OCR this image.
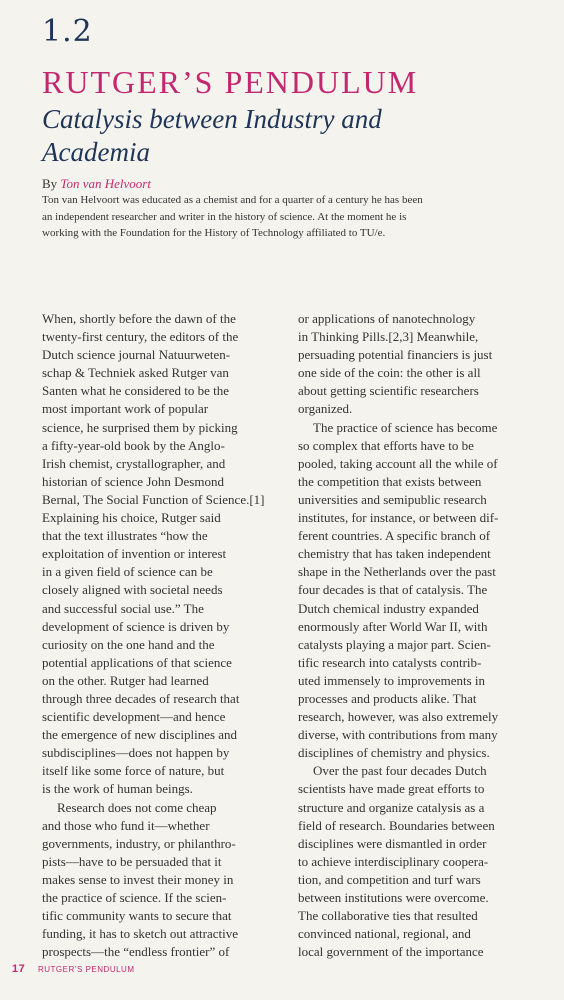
1.2
RUTGER’S PENDULUM
Catalysis between Industry and Academia
By Ton van Helvoort
Ton van Helvoort was educated as a chemist and for a quarter of a century he has been an independent researcher and writer in the history of science. At the moment he is working with the Foundation for the History of Technology affiliated to TU/e.
When, shortly before the dawn of the
twenty-first century, the editors of the
Dutch science journal Natuurweten-
schap & Techniek asked Rutger van
Santen what he considered to be the
most important work of popular
science, he surprised them by picking
a fifty-year-old book by the Anglo-
Irish chemist, crystallographer, and
historian of science John Desmond
Bernal, The Social Function of Science.[1]
Explaining his choice, Rutger said
that the text illustrates “how the
exploitation of invention or interest
in a given field of science can be
closely aligned with societal needs
and successful social use.” The
development of science is driven by
curiosity on the one hand and the
potential applications of that science
on the other. Rutger had learned
through three decades of research that
scientific development—and hence
the emergence of new disciplines and
subdisciplines—does not happen by
itself like some force of nature, but
is the work of human beings.
Research does not come cheap
and those who fund it—whether
governments, industry, or philanthro-
pists—have to be persuaded that it
makes sense to invest their money in
the practice of science. If the scien-
tific community wants to secure that
funding, it has to sketch out attractive
prospects—the “endless frontier” of
or applications of nanotechnology
in Thinking Pills.[2,3] Meanwhile,
persuading potential financiers is just
one side of the coin: the other is all
about getting scientific researchers
organized.
The practice of science has become
so complex that efforts have to be
pooled, taking account all the while of
the competition that exists between
universities and semipublic research
institutes, for instance, or between dif-
ferent countries. A specific branch of
chemistry that has taken independent
shape in the Netherlands over the past
four decades is that of catalysis. The
Dutch chemical industry expanded
enormously after World War II, with
catalysts playing a major part. Scien-
tific research into catalysts contrib-
uted immensely to improvements in
processes and products alike. That
research, however, was also extremely
diverse, with contributions from many
disciplines of chemistry and physics.
Over the past four decades Dutch
scientists have made great efforts to
structure and organize catalysis as a
field of research. Boundaries between
disciplines were dismantled in order
to achieve interdisciplinary coopera-
tion, and competition and turf wars
between institutions were overcome.
The collaborative ties that resulted
convinced national, regional, and
local government of the importance
17 RUTGER’S PENDULUM
